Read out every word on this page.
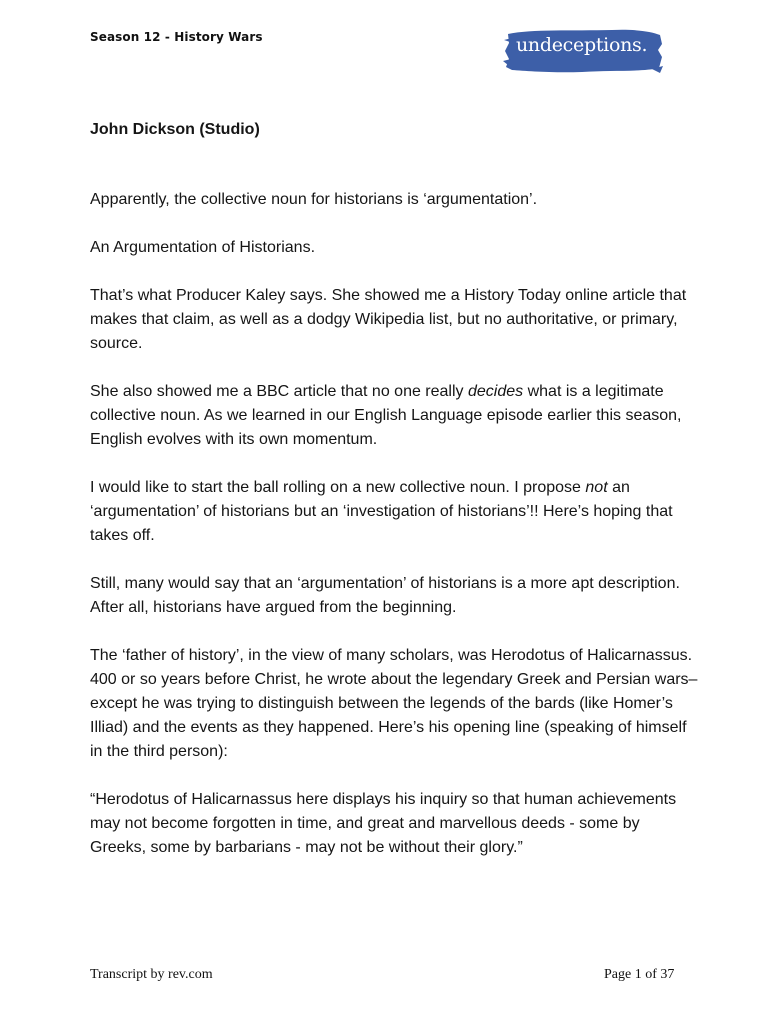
Season 12 - History Wars	undeceptions.
John Dickson (Studio)

Apparently, the collective noun for historians is ‘argumentation’.

An Argumentation of Historians.

That’s what Producer Kaley says. She showed me a History Today online article that makes that claim, as well as a dodgy Wikipedia list, but no authoritative, or primary, source.

She also showed me a BBC article that no one really decides what is a legitimate collective noun. As we learned in our English Language episode earlier this season, English evolves with its own momentum.

I would like to start the ball rolling on a new collective noun. I propose not an ‘argumentation’ of historians but an ‘investigation of historians’!! Here’s hoping that takes off.

Still, many would say that an ‘argumentation’ of historians is a more apt description. After all, historians have argued from the beginning.

The ‘father of history’, in the view of many scholars, was Herodotus of Halicarnassus. 400 or so years before Christ, he wrote about the legendary Greek and Persian wars–except he was trying to distinguish between the legends of the bards (like Homer’s Illiad) and the events as they happened. Here’s his opening line (speaking of himself in the third person):

“Herodotus of Halicarnassus here displays his inquiry so that human achievements may not become forgotten in time, and great and marvellous deeds - some by Greeks, some by barbarians - may not be without their glory.”

Transcript by rev.com	Page 1 of 37
